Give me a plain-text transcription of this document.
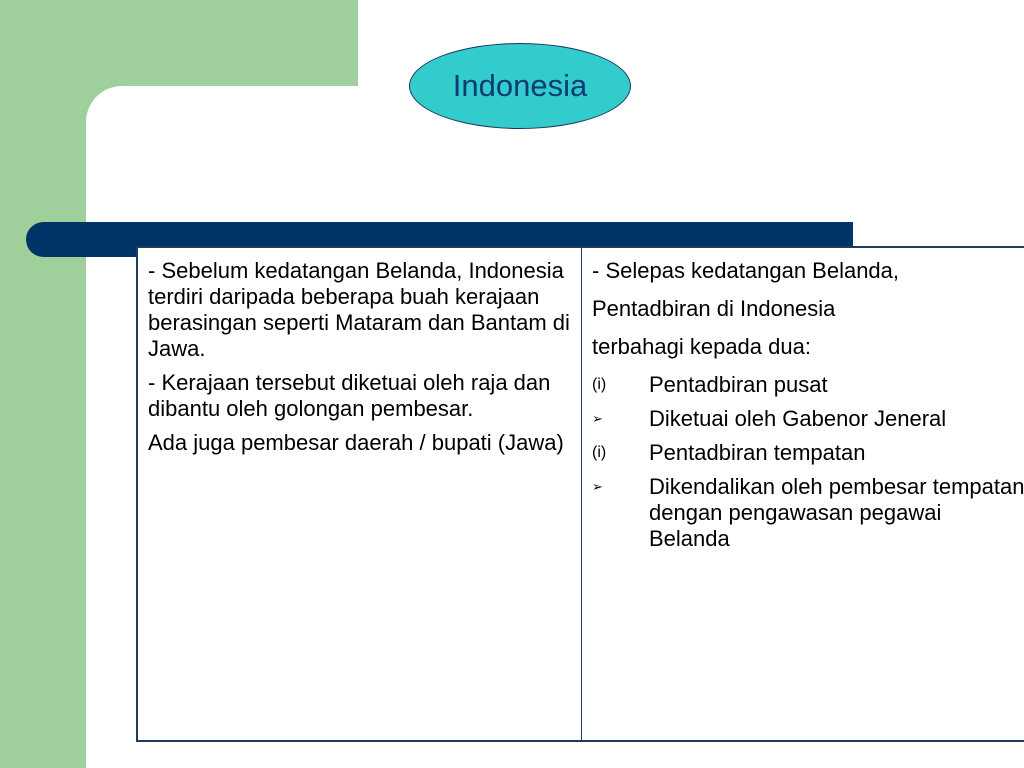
Indonesia

- Sebelum kedatangan Belanda, Indonesia terdiri daripada beberapa buah kerajaan berasingan seperti Mataram dan Bantam di Jawa.

- Kerajaan tersebut diketuai oleh raja dan dibantu oleh golongan pembesar.

Ada juga pembesar daerah / bupati (Jawa)

- Selepas kedatangan Belanda,

Pentadbiran di Indonesia

terbahagi kepada dua:

(i)	Pentadbiran pusat
➢	Diketuai oleh Gabenor Jeneral
(i)	Pentadbiran tempatan
➢	Dikendalikan oleh pembesar tempatan dengan pengawasan pegawai Belanda
